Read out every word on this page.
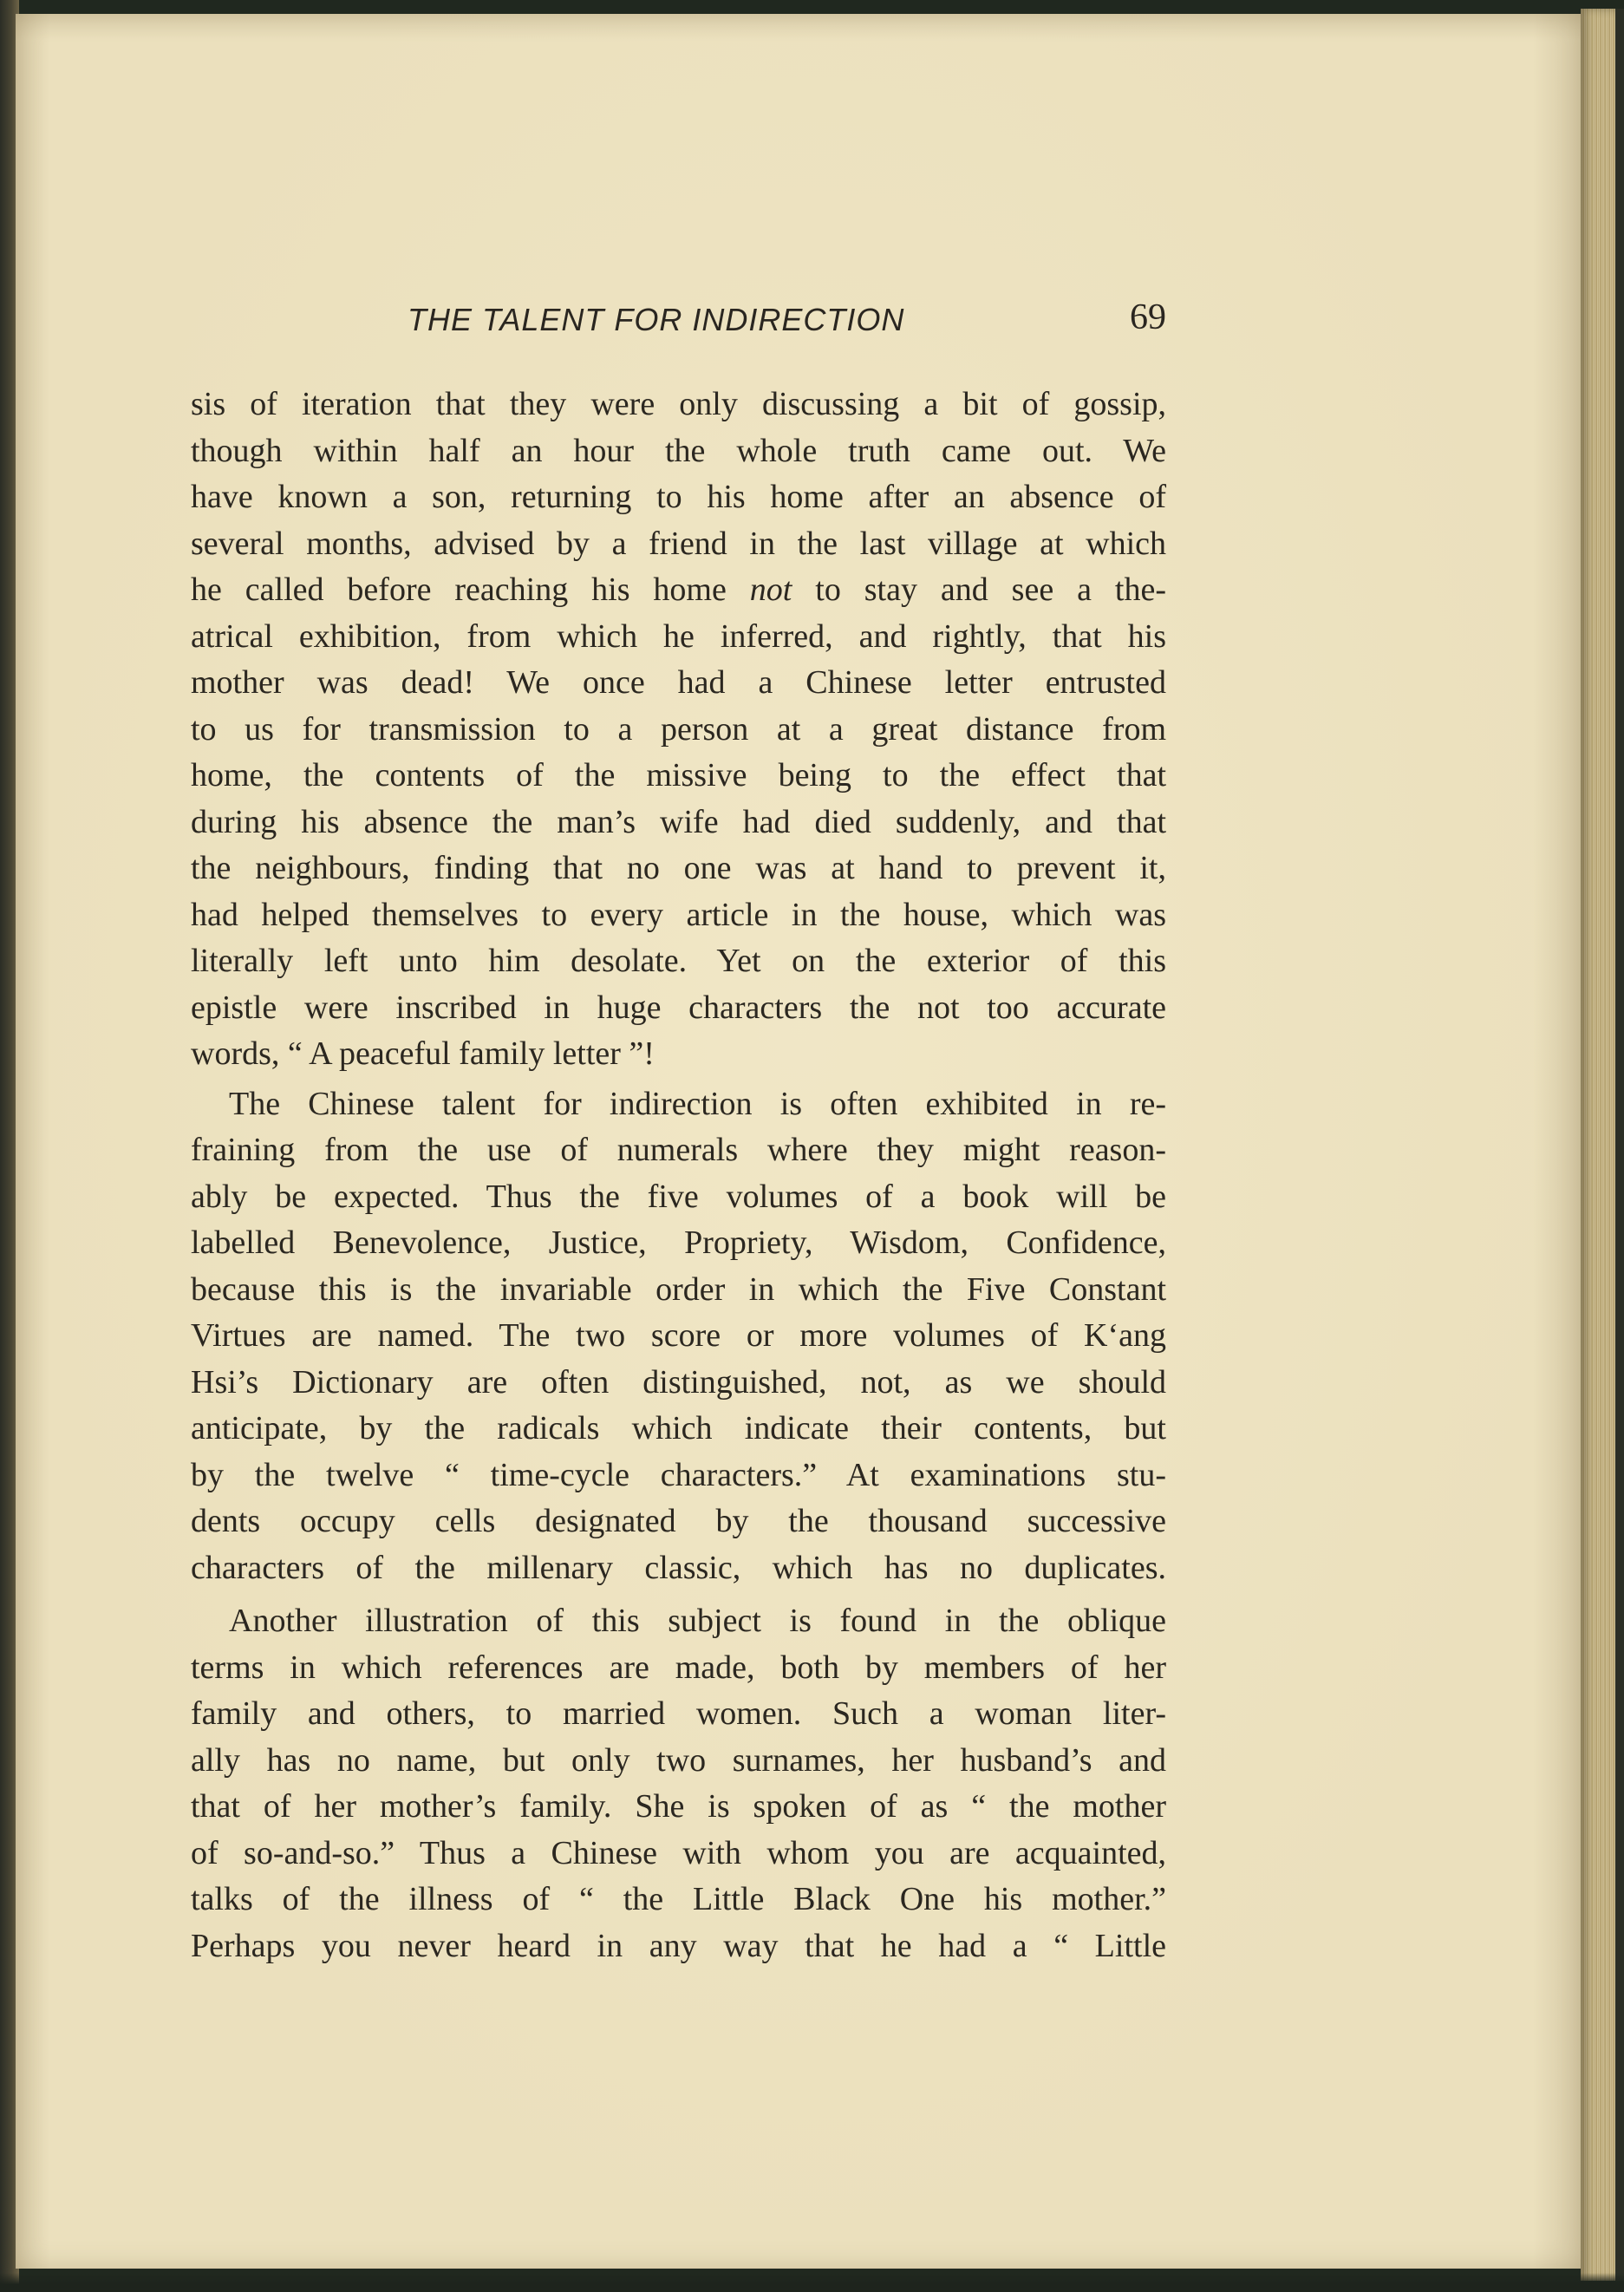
THE TALENT FOR INDIRECTION	69
sis of iteration that they were only discussing a bit of gossip,
though within half an hour the whole truth came out. We
have known a son, returning to his home after an absence of
several months, advised by a friend in the last village at which
he called before reaching his home not to stay and see a the-
atrical exhibition, from which he inferred, and rightly, that his
mother was dead! We once had a Chinese letter entrusted
to us for transmission to a person at a great distance from
home, the contents of the missive being to the effect that
during his absence the man’s wife had died suddenly, and that
the neighbours, finding that no one was at hand to prevent it,
had helped themselves to every article in the house, which was
literally left unto him desolate. Yet on the exterior of this
epistle were inscribed in huge characters the not too accurate
words, “ A peaceful family letter ”!
The Chinese talent for indirection is often exhibited in re-
fraining from the use of numerals where they might reason-
ably be expected. Thus the five volumes of a book will be
labelled Benevolence, Justice, Propriety, Wisdom, Confidence,
because this is the invariable order in which the Five Constant
Virtues are named. The two score or more volumes of K‘ang
Hsi’s Dictionary are often distinguished, not, as we should
anticipate, by the radicals which indicate their contents, but
by the twelve “ time-cycle characters.” At examinations stu-
dents occupy cells designated by the thousand successive
characters of the millenary classic, which has no duplicates.
Another illustration of this subject is found in the oblique
terms in which references are made, both by members of her
family and others, to married women. Such a woman liter-
ally has no name, but only two surnames, her husband’s and
that of her mother’s family. She is spoken of as “ the mother
of so-and-so.” Thus a Chinese with whom you are acquainted,
talks of the illness of “ the Little Black One his mother.”
Perhaps you never heard in any way that he had a “ Little
